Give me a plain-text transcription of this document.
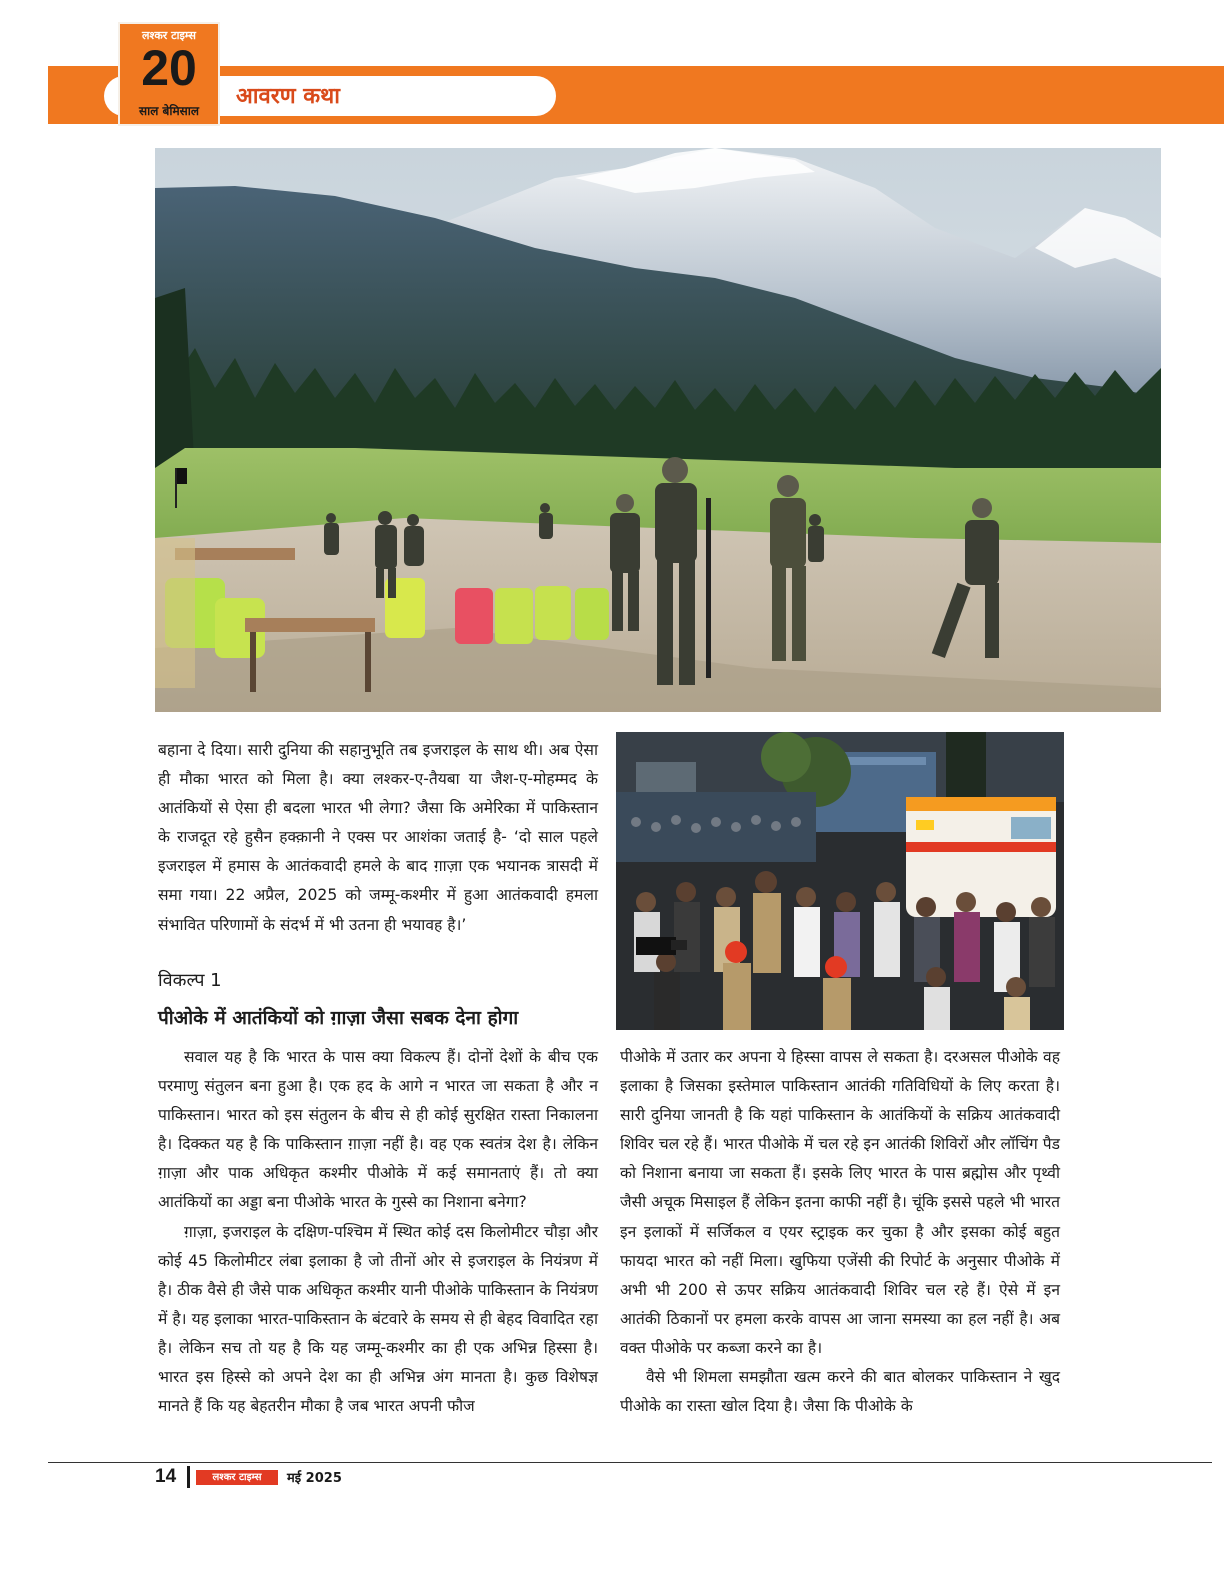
आवरण कथा
लश्कर टाइम्स
20
साल बेमिसाल

बहाना दे दिया। सारी दुनिया की सहानुभूति तब इजराइल के साथ थी। अब ऐसा ही मौका भारत को मिला है। क्या लश्कर-ए-तैयबा या जैश-ए-मोहम्मद के आतंकियों से ऐसा ही बदला भारत भी लेगा? जैसा कि अमेरिका में पाकिस्तान के राजदूत रहे हुसैन हक्क़ानी ने एक्स पर आशंका जताई है- ‘दो साल पहले इजराइल में हमास के आतंकवादी हमले के बाद ग़ाज़ा एक भयानक त्रासदी में समा गया। 22 अप्रैल, 2025 को जम्मू-कश्मीर में हुआ आतंकवादी हमला संभावित परिणामों के संदर्भ में भी उतना ही भयावह है।’

विकल्प 1
पीओके में आतंकियों को ग़ाज़ा जैसा सबक देना होगा

सवाल यह है कि भारत के पास क्या विकल्प हैं। दोनों देशों के बीच एक परमाणु संतुलन बना हुआ है। एक हद के आगे न भारत जा सकता है और न पाकिस्तान। भारत को इस संतुलन के बीच से ही कोई सुरक्षित रास्ता निकालना है। दिक्कत यह है कि पाकिस्तान ग़ाज़ा नहीं है। वह एक स्वतंत्र देश है। लेकिन ग़ाज़ा और पाक अधिकृत कश्मीर पीओके में कई समानताएं हैं। तो क्या आतंकियों का अड्डा बना पीओके भारत के गुस्से का निशाना बनेगा?

ग़ाज़ा, इजराइल के दक्षिण-पश्चिम में स्थित कोई दस किलोमीटर चौड़ा और कोई 45 किलोमीटर लंबा इलाका है जो तीनों ओर से इजराइल के नियंत्रण में है। ठीक वैसे ही जैसे पाक अधिकृत कश्मीर यानी पीओके पाकिस्तान के नियंत्रण में है। यह इलाका भारत-पाकिस्तान के बंटवारे के समय से ही बेहद विवादित रहा है। लेकिन सच तो यह है कि यह जम्मू-कश्मीर का ही एक अभिन्न हिस्सा है। भारत इस हिस्से को अपने देश का ही अभिन्न अंग मानता है। कुछ विशेषज्ञ मानते हैं कि यह बेहतरीन मौका है जब भारत अपनी फौज

पीओके में उतार कर अपना ये हिस्सा वापस ले सकता है। दरअसल पीओके वह इलाका है जिसका इस्तेमाल पाकिस्तान आतंकी गतिविधियों के लिए करता है। सारी दुनिया जानती है कि यहां पाकिस्तान के आतंकियों के सक्रिय आतंकवादी शिविर चल रहे हैं। भारत पीओके में चल रहे इन आतंकी शिविरों और लॉचिंग पैड को निशाना बनाया जा सकता हैं। इसके लिए भारत के पास ब्रह्मोस और पृथ्वी जैसी अचूक मिसाइल हैं लेकिन इतना काफी नहीं है। चूंकि इससे पहले भी भारत इन इलाकों में सर्जिकल व एयर स्ट्राइक कर चुका है और इसका कोई बहुत फायदा भारत को नहीं मिला। खुफिया एजेंसी की रिपोर्ट के अनुसार पीओके में अभी भी 200 से ऊपर सक्रिय आतंकवादी शिविर चल रहे हैं। ऐसे में इन आतंकी ठिकानों पर हमला करके वापस आ जाना समस्या का हल नहीं है। अब वक्त पीओके पर कब्जा करने का है।

वैसे भी शिमला समझौता खत्म करने की बात बोलकर पाकिस्तान ने खुद पीओके का रास्ता खोल दिया है। जैसा कि पीओके के

14	लश्कर टाइम्स	मई 2025
